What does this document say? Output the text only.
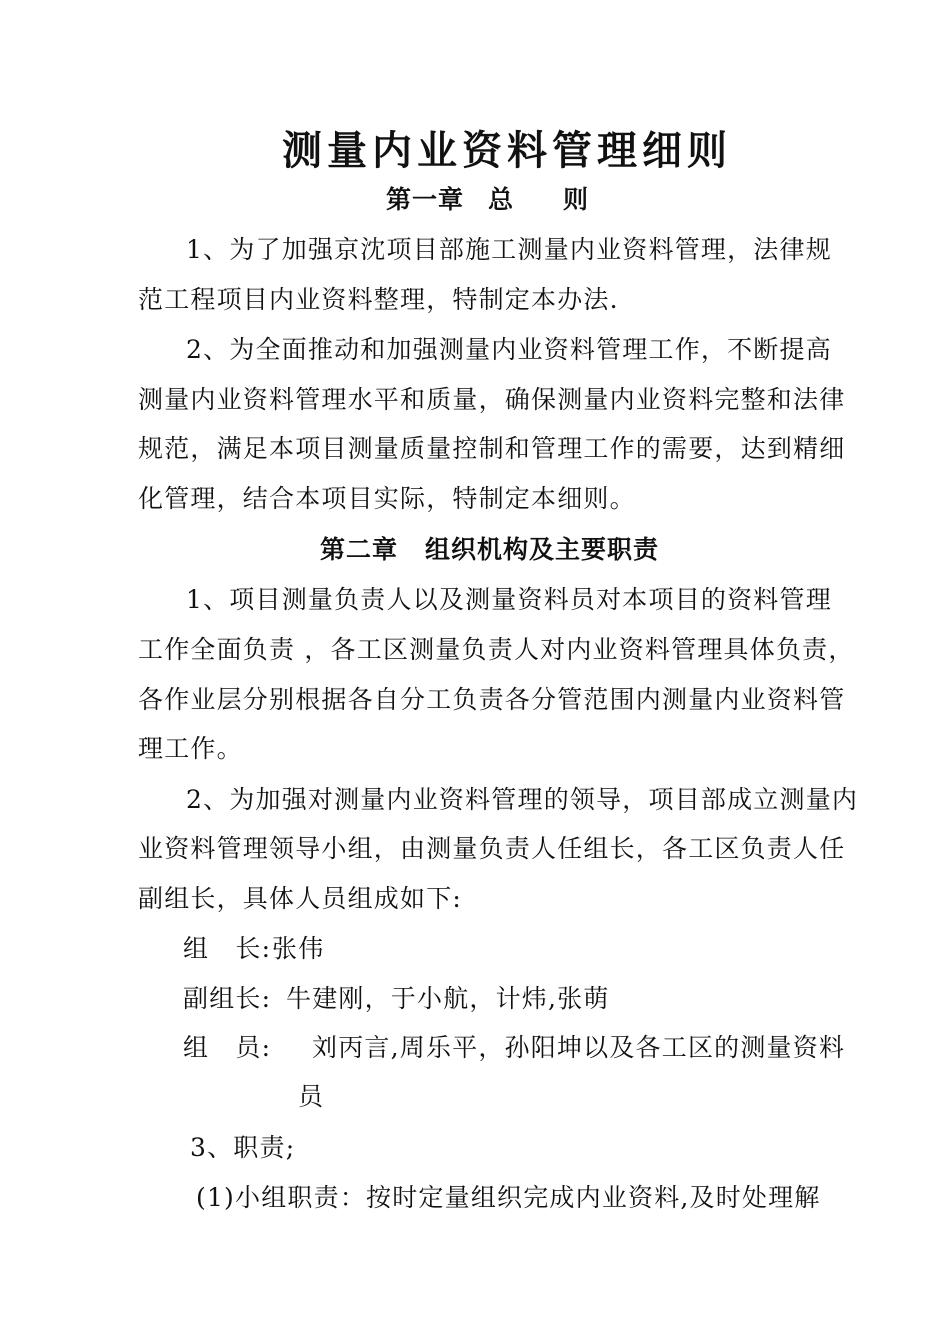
测量内业资料管理细则
第一章 总 则
1、为了加强京沈项目部施工测量内业资料管理，法律规
范工程项目内业资料整理，特制定本办法.
2、为全面推动和加强测量内业资料管理工作，不断提高
测量内业资料管理水平和质量，确保测量内业资料完整和法律
规范，满足本项目测量质量控制和管理工作的需要，达到精细
化管理，结合本项目实际，特制定本细则。
第二章 组织机构及主要职责
1、项目测量负责人以及测量资料员对本项目的资料管理
工作全面负责 ，各工区测量负责人对内业资料管理具体负责，
各作业层分别根据各自分工负责各分管范围内测量内业资料管
理工作。
2、为加强对测量内业资料管理的领导，项目部成立测量内
业资料管理领导小组，由测量负责人任组长，各工区负责人任
副组长，具体人员组成如下:
组　长: 张伟
副组长: 牛建刚，于小航，计炜,张萌
组　员: 刘丙言,周乐平，孙阳坤以及各工区的测量资料
员
3、职责;
(1)小组职责：按时定量组织完成内业资料,及时处理解
